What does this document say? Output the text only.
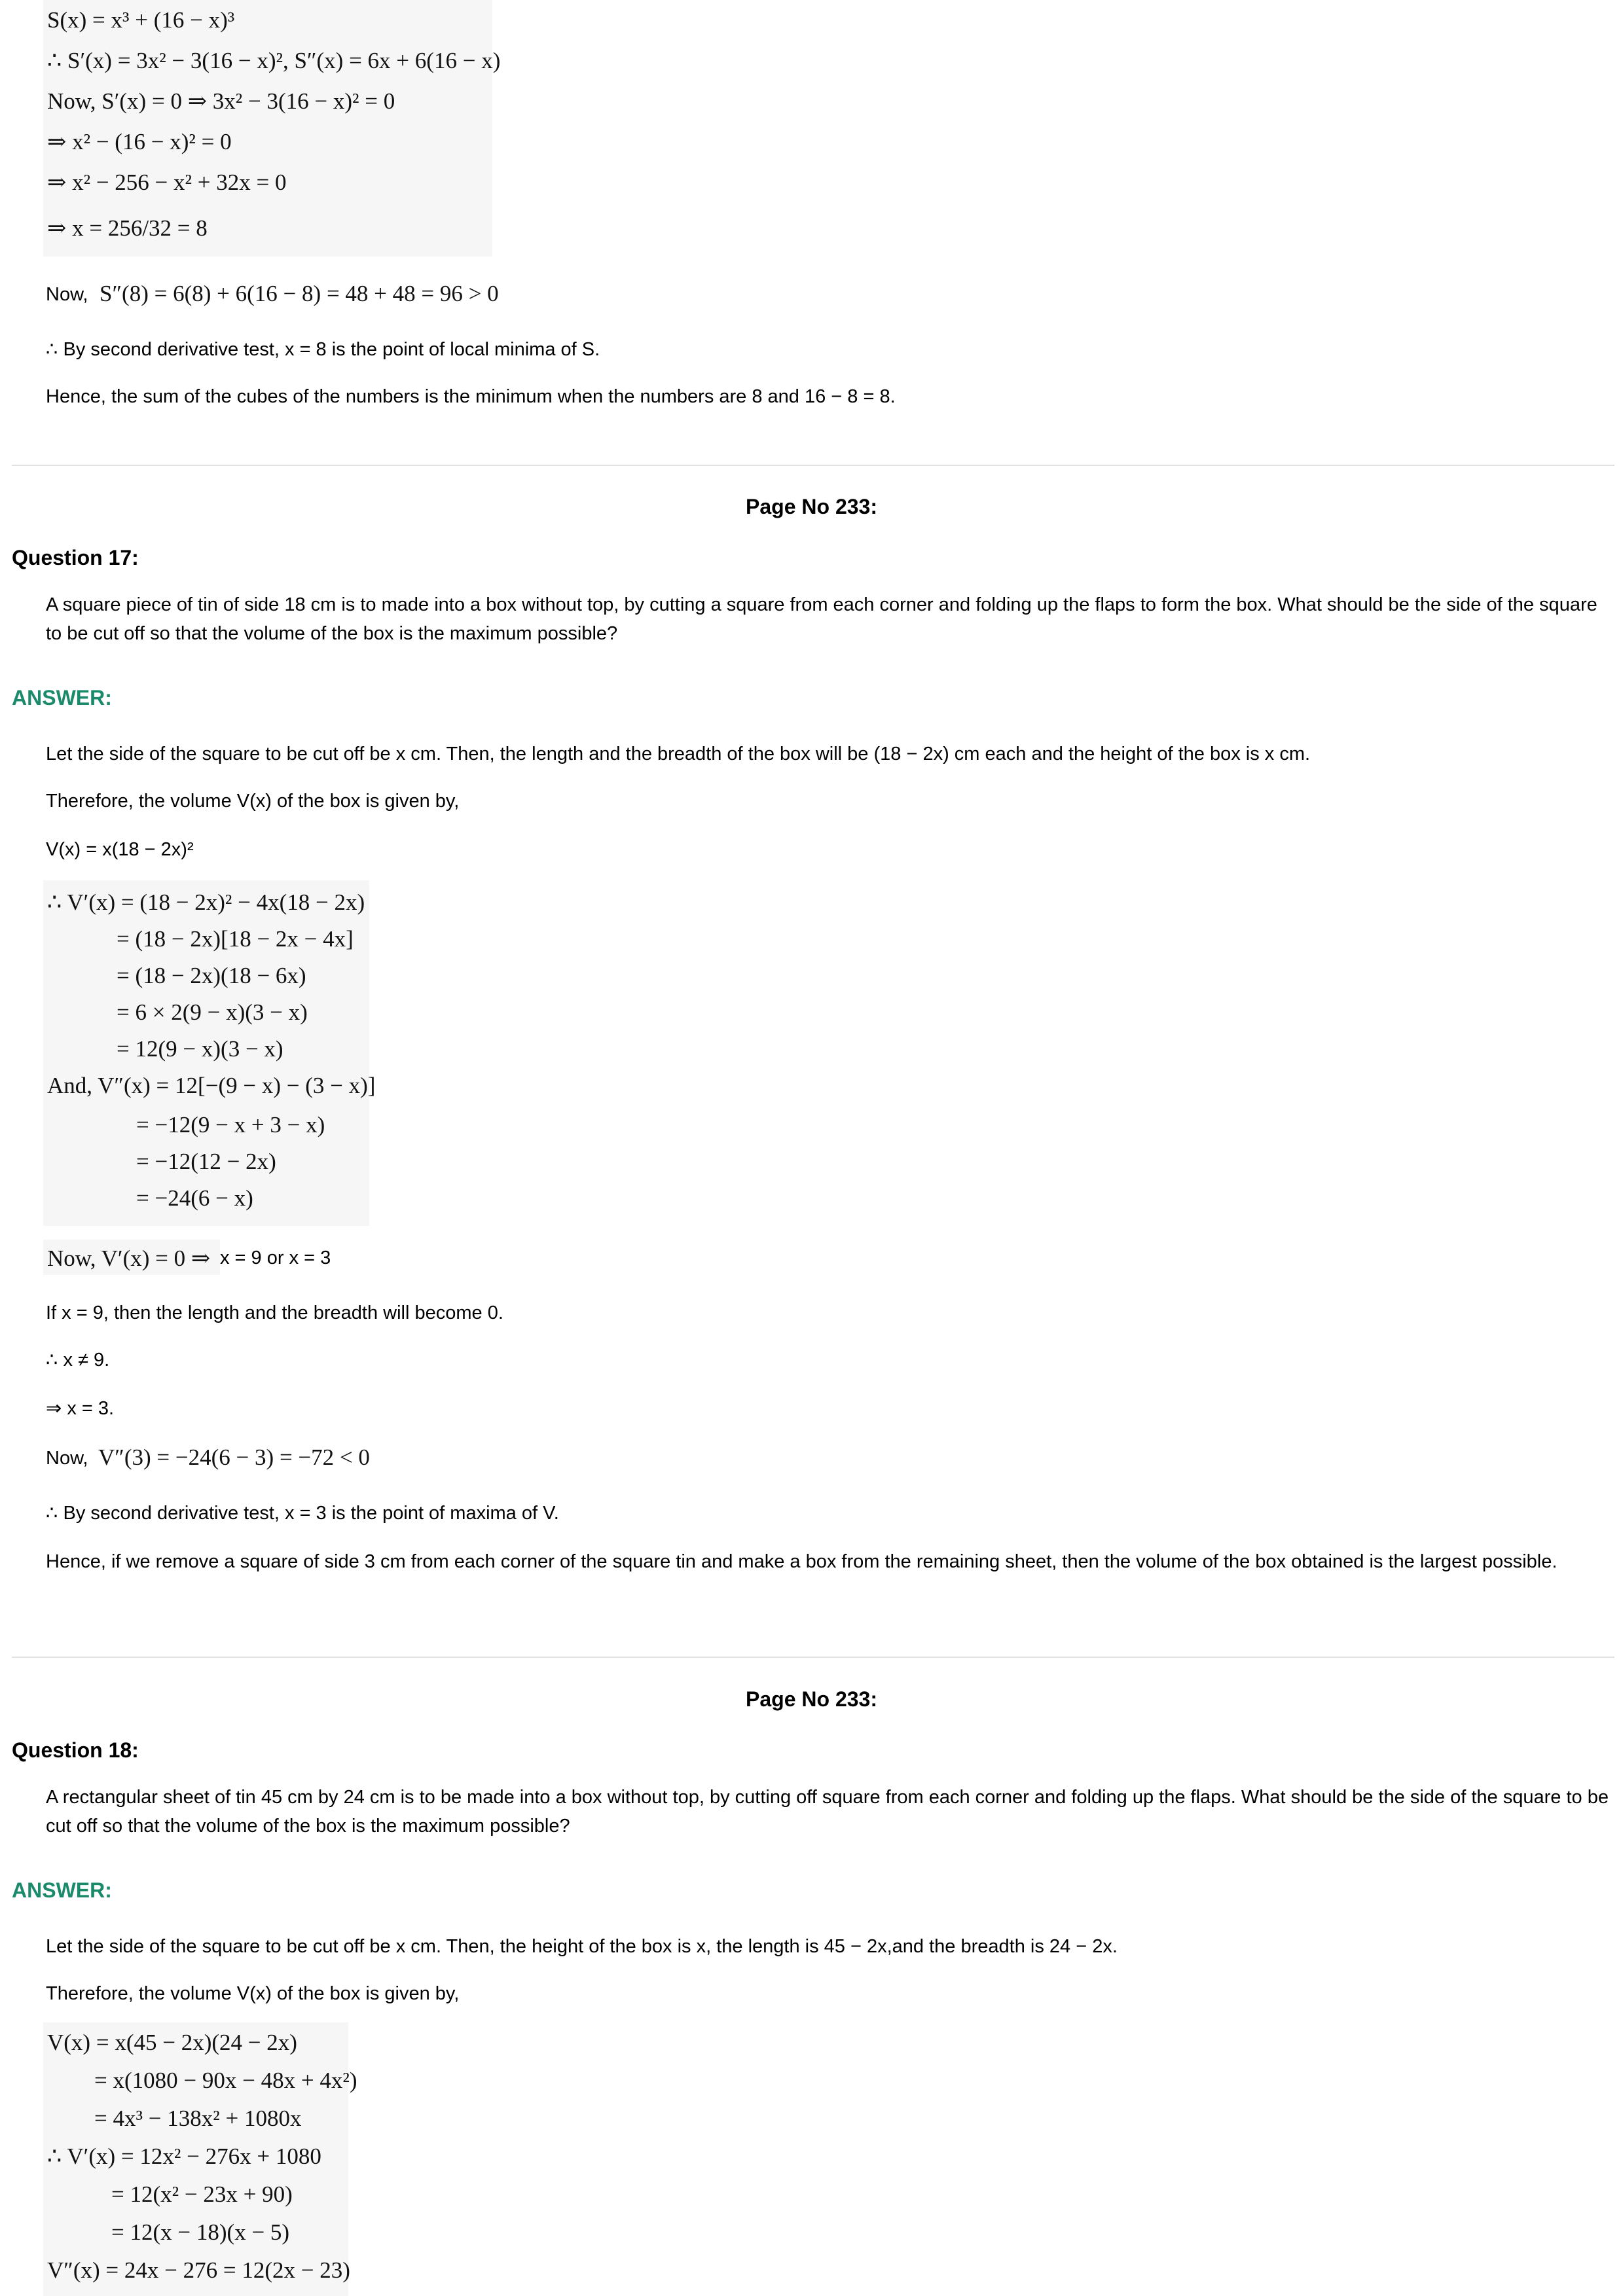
S(x) = x³ + (16 − x)³
∴ S′(x) = 3x² − 3(16 − x)², S″(x) = 6x + 6(16 − x)
Now, S′(x) = 0 ⇒ 3x² − 3(16 − x)² = 0
⇒ x² − (16 − x)² = 0
⇒ x² − 256 − x² + 32x = 0
⇒ x = 256/32 = 8
Now, S″(8) = 6(8) + 6(16 − 8) = 48 + 48 = 96 > 0
∴ By second derivative test, x = 8 is the point of local minima of S.
Hence, the sum of the cubes of the numbers is the minimum when the numbers are 8 and 16 − 8 = 8.
Page No 233:
Question 17:
A square piece of tin of side 18 cm is to made into a box without top, by cutting a square from each corner and folding up the flaps to form the box. What should be the side of the square to be cut off so that the volume of the box is the maximum possible?
ANSWER:
Let the side of the square to be cut off be x cm. Then, the length and the breadth of the box will be (18 − 2x) cm each and the height of the box is x cm.
Therefore, the volume V(x) of the box is given by,
V(x) = x(18 − 2x)²
∴ V′(x) = (18 − 2x)² − 4x(18 − 2x)
= (18 − 2x)[18 − 2x − 4x]
= (18 − 2x)(18 − 6x)
= 6 × 2(9 − x)(3 − x)
= 12(9 − x)(3 − x)
And, V″(x) = 12[−(9 − x) − (3 − x)]
= −12(9 − x + 3 − x)
= −12(12 − 2x)
= −24(6 − x)
Now, V′(x) = 0 ⇒ x = 9 or x = 3
If x = 9, then the length and the breadth will become 0.
∴ x ≠ 9.
⇒ x = 3.
Now, V″(3) = −24(6 − 3) = −72 < 0
∴ By second derivative test, x = 3 is the point of maxima of V.
Hence, if we remove a square of side 3 cm from each corner of the square tin and make a box from the remaining sheet, then the volume of the box obtained is the largest possible.
Page No 233:
Question 18:
A rectangular sheet of tin 45 cm by 24 cm is to be made into a box without top, by cutting off square from each corner and folding up the flaps. What should be the side of the square to be cut off so that the volume of the box is the maximum possible?
ANSWER:
Let the side of the square to be cut off be x cm. Then, the height of the box is x, the length is 45 − 2x,and the breadth is 24 − 2x.
Therefore, the volume V(x) of the box is given by,
V(x) = x(45 − 2x)(24 − 2x)
= x(1080 − 90x − 48x + 4x²)
= 4x³ − 138x² + 1080x
∴ V′(x) = 12x² − 276x + 1080
= 12(x² − 23x + 90)
= 12(x − 18)(x − 5)
V″(x) = 24x − 276 = 12(2x − 23)
